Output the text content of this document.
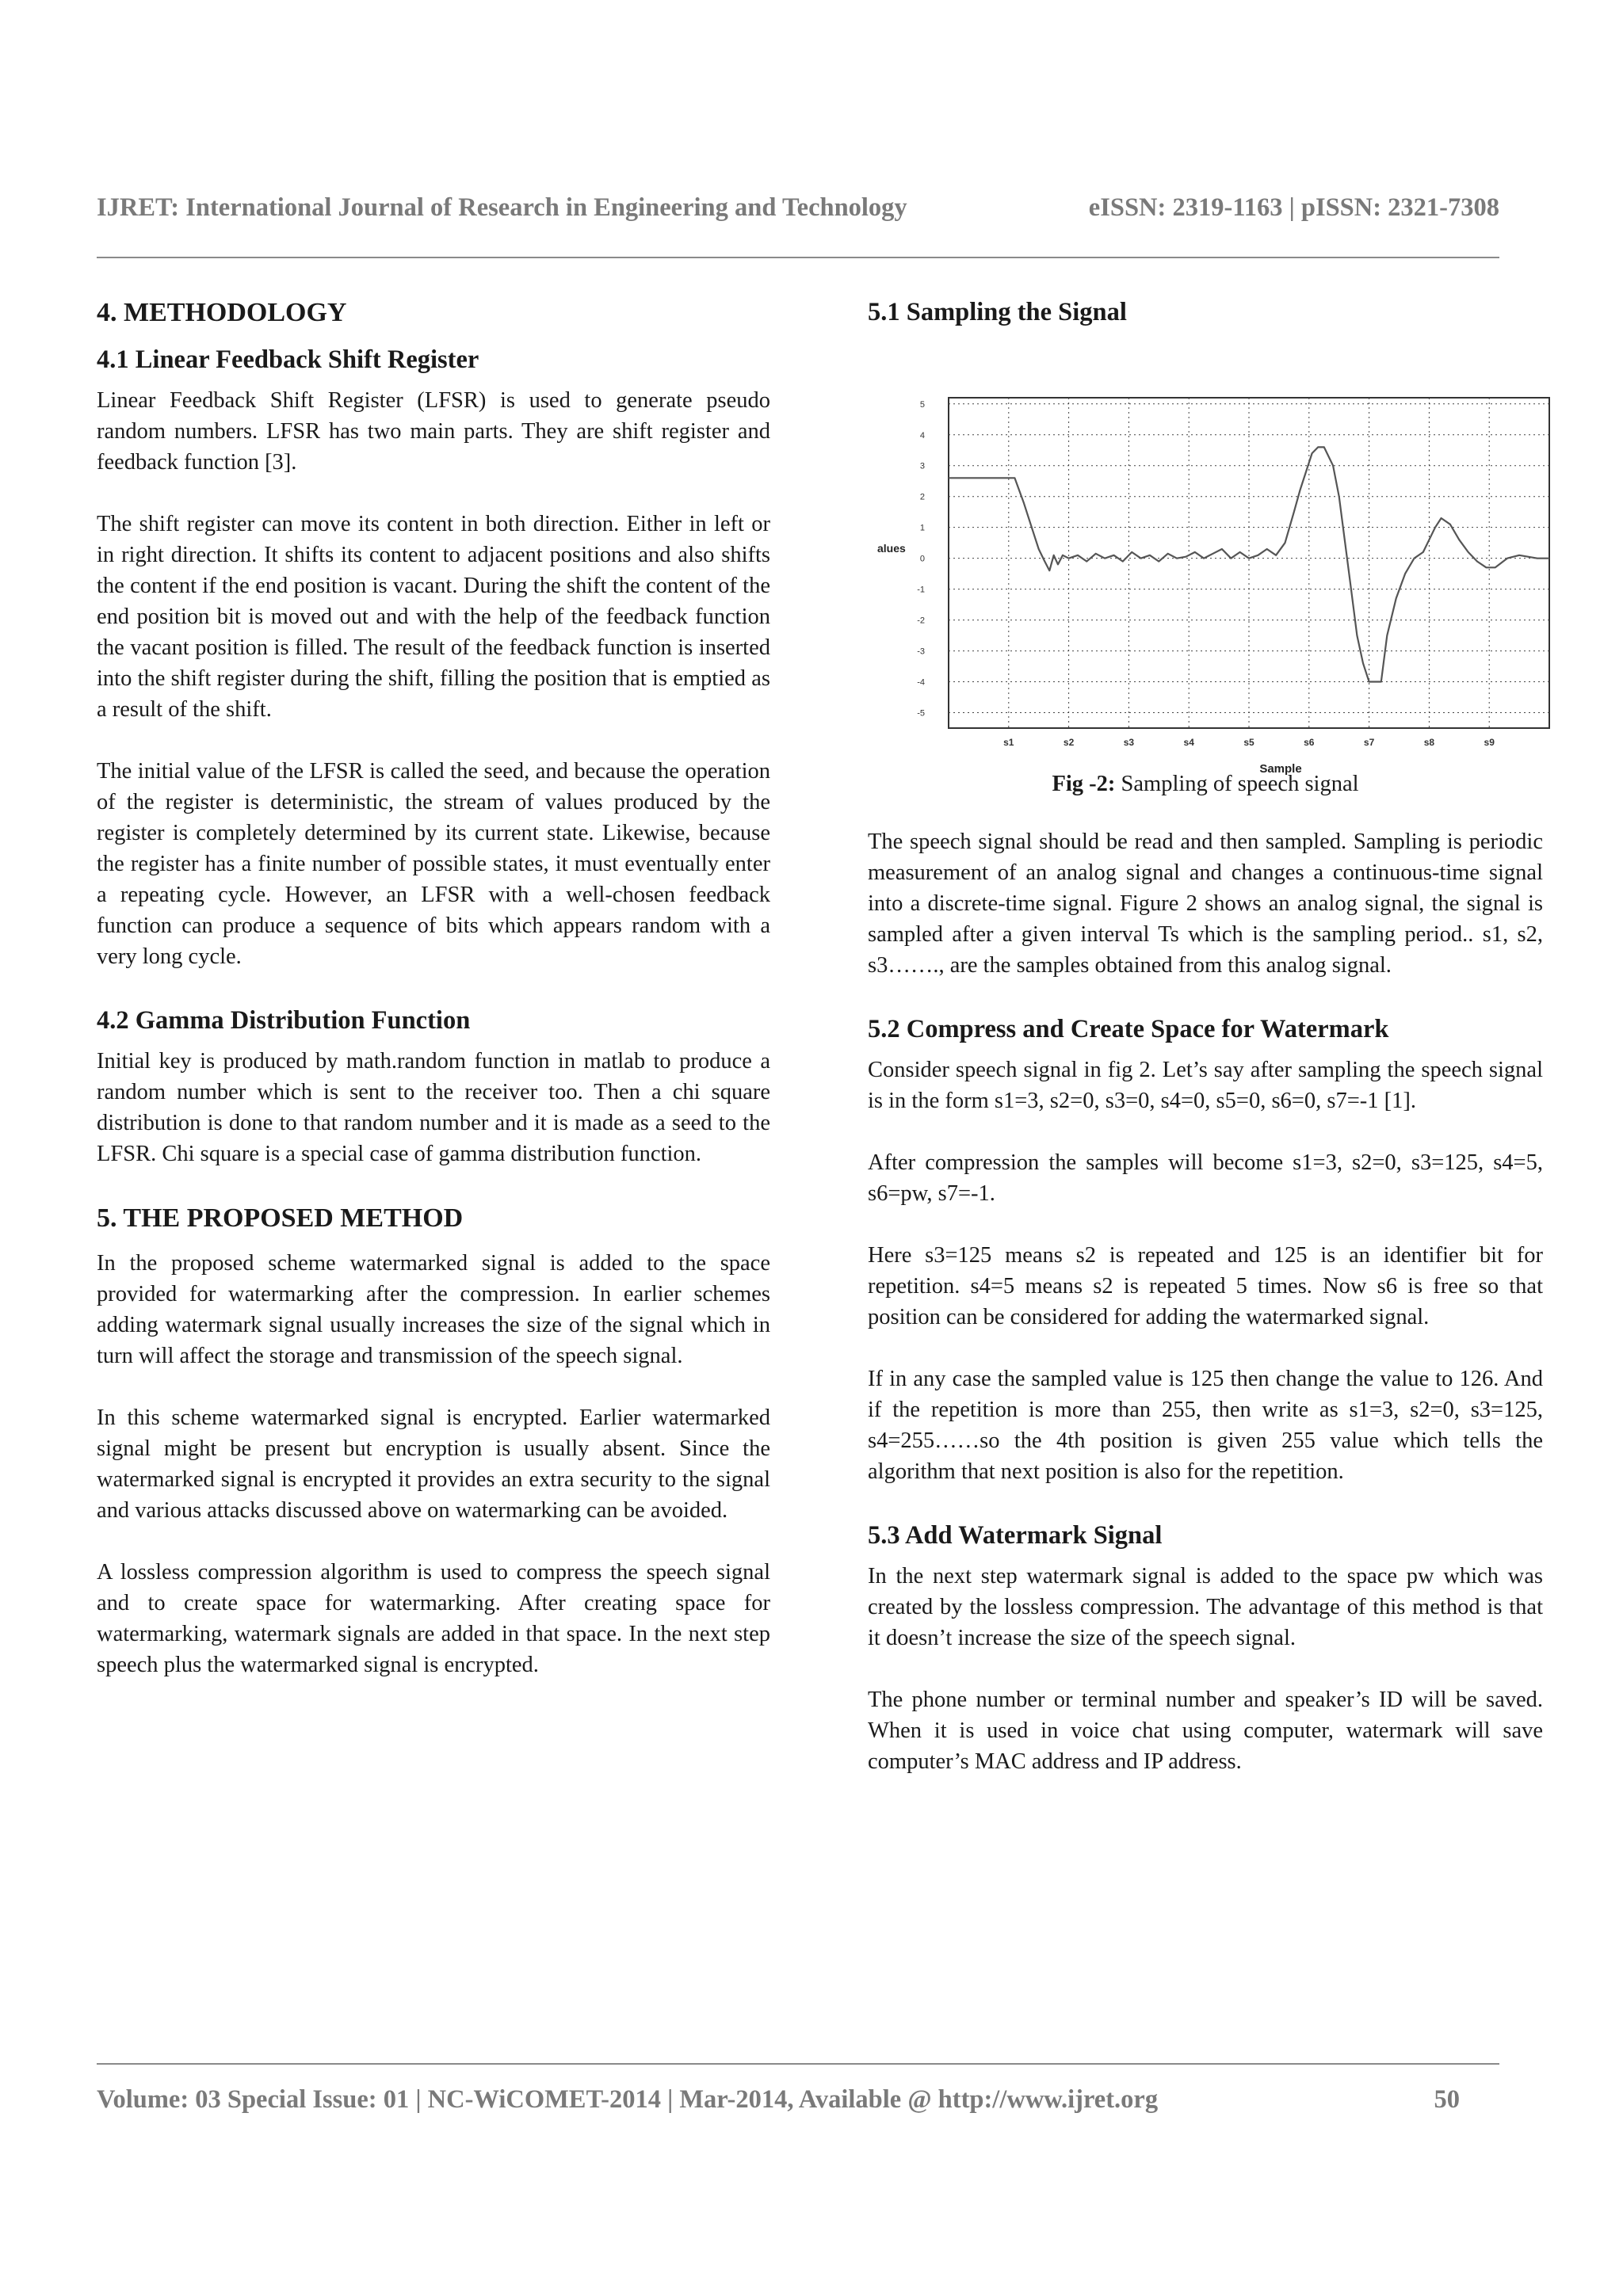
IJRET: International Journal of Research in Engineering and Technology	eISSN: 2319-1163 | pISSN: 2321-7308
4. METHODOLOGY
4.1 Linear Feedback Shift Register

Linear Feedback Shift Register (LFSR) is used to generate pseudo random numbers. LFSR has two main parts. They are shift register and feedback function [3].

The shift register can move its content in both direction. Either in left or in right direction. It shifts its content to adjacent positions and also shifts the content if the end position is vacant. During the shift the content of the end position bit is moved out and with the help of the feedback function the vacant position is filled. The result of the feedback function is inserted into the shift register during the shift, filling the position that is emptied as a result of the shift.

The initial value of the LFSR is called the seed, and because the operation of the register is deterministic, the stream of values produced by the register is completely determined by its current state. Likewise, because the register has a finite number of possible states, it must eventually enter a repeating cycle. However, an LFSR with a well-chosen feedback function can produce a sequence of bits which appears random with a very long cycle.

4.2 Gamma Distribution Function

Initial key is produced by math.random function in matlab to produce a random number which is sent to the receiver too. Then a chi square distribution is done to that random number and it is made as a seed to the LFSR. Chi square is a special case of gamma distribution function.

5. THE PROPOSED METHOD

In the proposed scheme watermarked signal is added to the space provided for watermarking after the compression. In earlier schemes adding watermark signal usually increases the size of the signal which in turn will affect the storage and transmission of the speech signal.

In this scheme watermarked signal is encrypted. Earlier watermarked signal might be present but encryption is usually absent. Since the watermarked signal is encrypted it provides an extra security to the signal and various attacks discussed above on watermarking can be avoided.

A lossless compression algorithm is used to compress the speech signal and to create space for watermarking. After creating space for watermarking, watermark signals are added in that space. In the next step speech plus the watermarked signal is encrypted.

5.1 Sampling the Signal
5
4
3
2
1
0
-1
-2
-3
-4
-5
s1	s2	s3	s4	s5	s6	s7	s8	s9
Sample
alues
Fig -2: Sampling of speech signal

The speech signal should be read and then sampled. Sampling is periodic measurement of an analog signal and changes a continuous-time signal into a discrete-time signal. Figure 2 shows an analog signal, the signal is sampled after a given interval Ts which is the sampling period.. s1, s2, s3……., are the samples obtained from this analog signal.

5.2 Compress and Create Space for Watermark

Consider speech signal in fig 2. Let’s say after sampling the speech signal is in the form s1=3, s2=0, s3=0, s4=0, s5=0, s6=0, s7=-1 [1].

After compression the samples will become s1=3, s2=0, s3=125, s4=5, s6=pw, s7=-1.

Here s3=125 means s2 is repeated and 125 is an identifier bit for repetition. s4=5 means s2 is repeated 5 times. Now s6 is free so that position can be considered for adding the watermarked signal.

If in any case the sampled value is 125 then change the value to 126. And if the repetition is more than 255, then write as s1=3, s2=0, s3=125, s4=255……so the 4th position is given 255 value which tells the algorithm that next position is also for the repetition.

5.3 Add Watermark Signal

In the next step watermark signal is added to the space pw which was created by the lossless compression. The advantage of this method is that it doesn’t increase the size of the speech signal.

The phone number or terminal number and speaker’s ID will be saved. When it is used in voice chat using computer, watermark will save computer’s MAC address and IP address.

Volume: 03 Special Issue: 01 | NC-WiCOMET-2014 | Mar-2014, Available @ http://www.ijret.org	50
